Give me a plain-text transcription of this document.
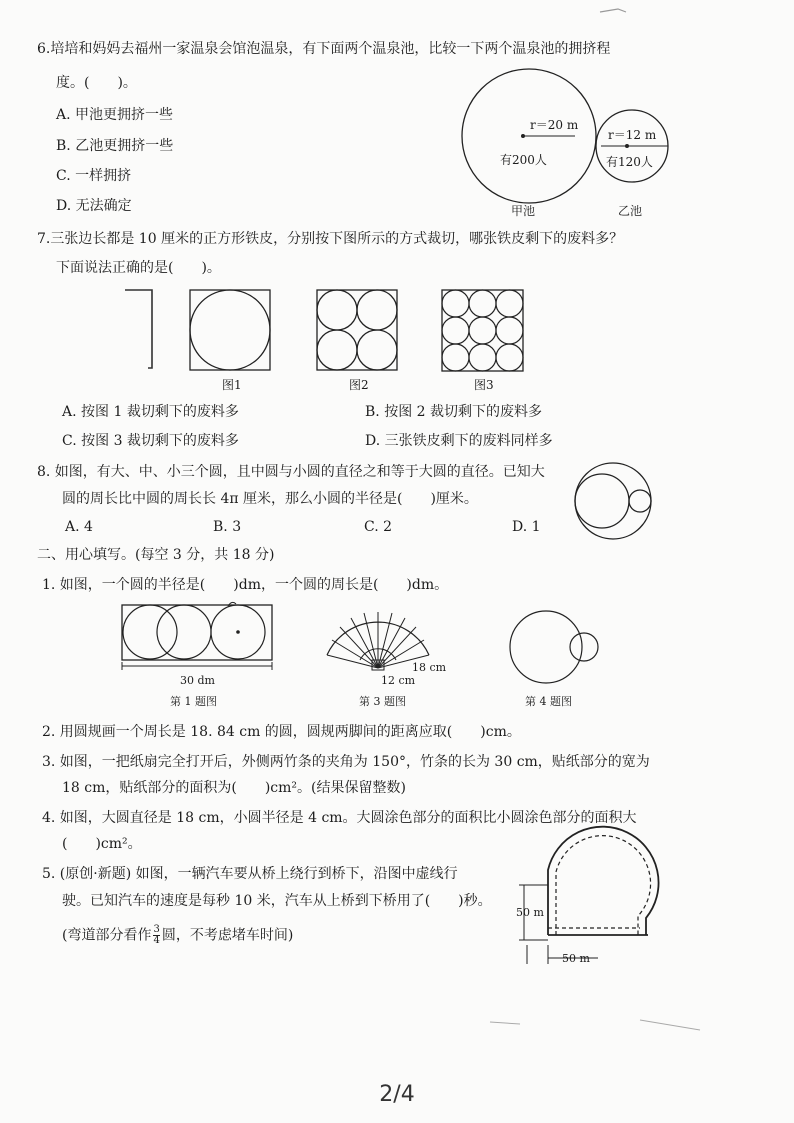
6.培培和妈妈去福州一家温泉会馆泡温泉，有下面两个温泉池，比较一下两个温泉池的拥挤程
度。(　　)。
A. 甲池更拥挤一些
B. 乙池更拥挤一些
C. 一样拥挤
D. 无法确定
r＝20 m
有200人
甲池
r＝12 m
有120人
乙池
7.三张边长都是 10 厘米的正方形铁皮，分别按下图所示的方式裁切，哪张铁皮剩下的废料多？
下面说法正确的是(　　)。
图1	图2	图3
A. 按图 1 裁切剩下的废料多	B. 按图 2 裁切剩下的废料多
C. 按图 3 裁切剩下的废料多	D. 三张铁皮剩下的废料同样多
8. 如图，有大、中、小三个圆，且中圆与小圆的直径之和等于大圆的直径。已知大
圆的周长比中圆的周长长 4π 厘米，那么小圆的半径是(　　)厘米。
A. 4	B. 3	C. 2	D. 1
二、用心填写。(每空 3 分，共 18 分)
1. 如图，一个圆的半径是(　　)dm，一个圆的周长是(　　)dm。
30 dm
第 1 题图
18 cm
12 cm
第 3 题图	第 4 题图
2. 用圆规画一个周长是 18. 84 cm 的圆，圆规两脚间的距离应取(　　)cm。
3. 如图，一把纸扇完全打开后，外侧两竹条的夹角为 150°，竹条的长为 30 cm，贴纸部分的宽为
18 cm，贴纸部分的面积为(　　)cm²。(结果保留整数)
4. 如图，大圆直径是 18 cm，小圆半径是 4 cm。大圆涂色部分的面积比小圆涂色部分的面积大
(　　)cm²。
5. (原创·新题) 如图，一辆汽车要从桥上绕行到桥下，沿图中虚线行
驶。已知汽车的速度是每秒 10 米，汽车从上桥到下桥用了(　　)秒。
(弯道部分看作 $\frac{3}{4}$ 圆，不考虑堵车时间)
50 m
50 m
2/4
